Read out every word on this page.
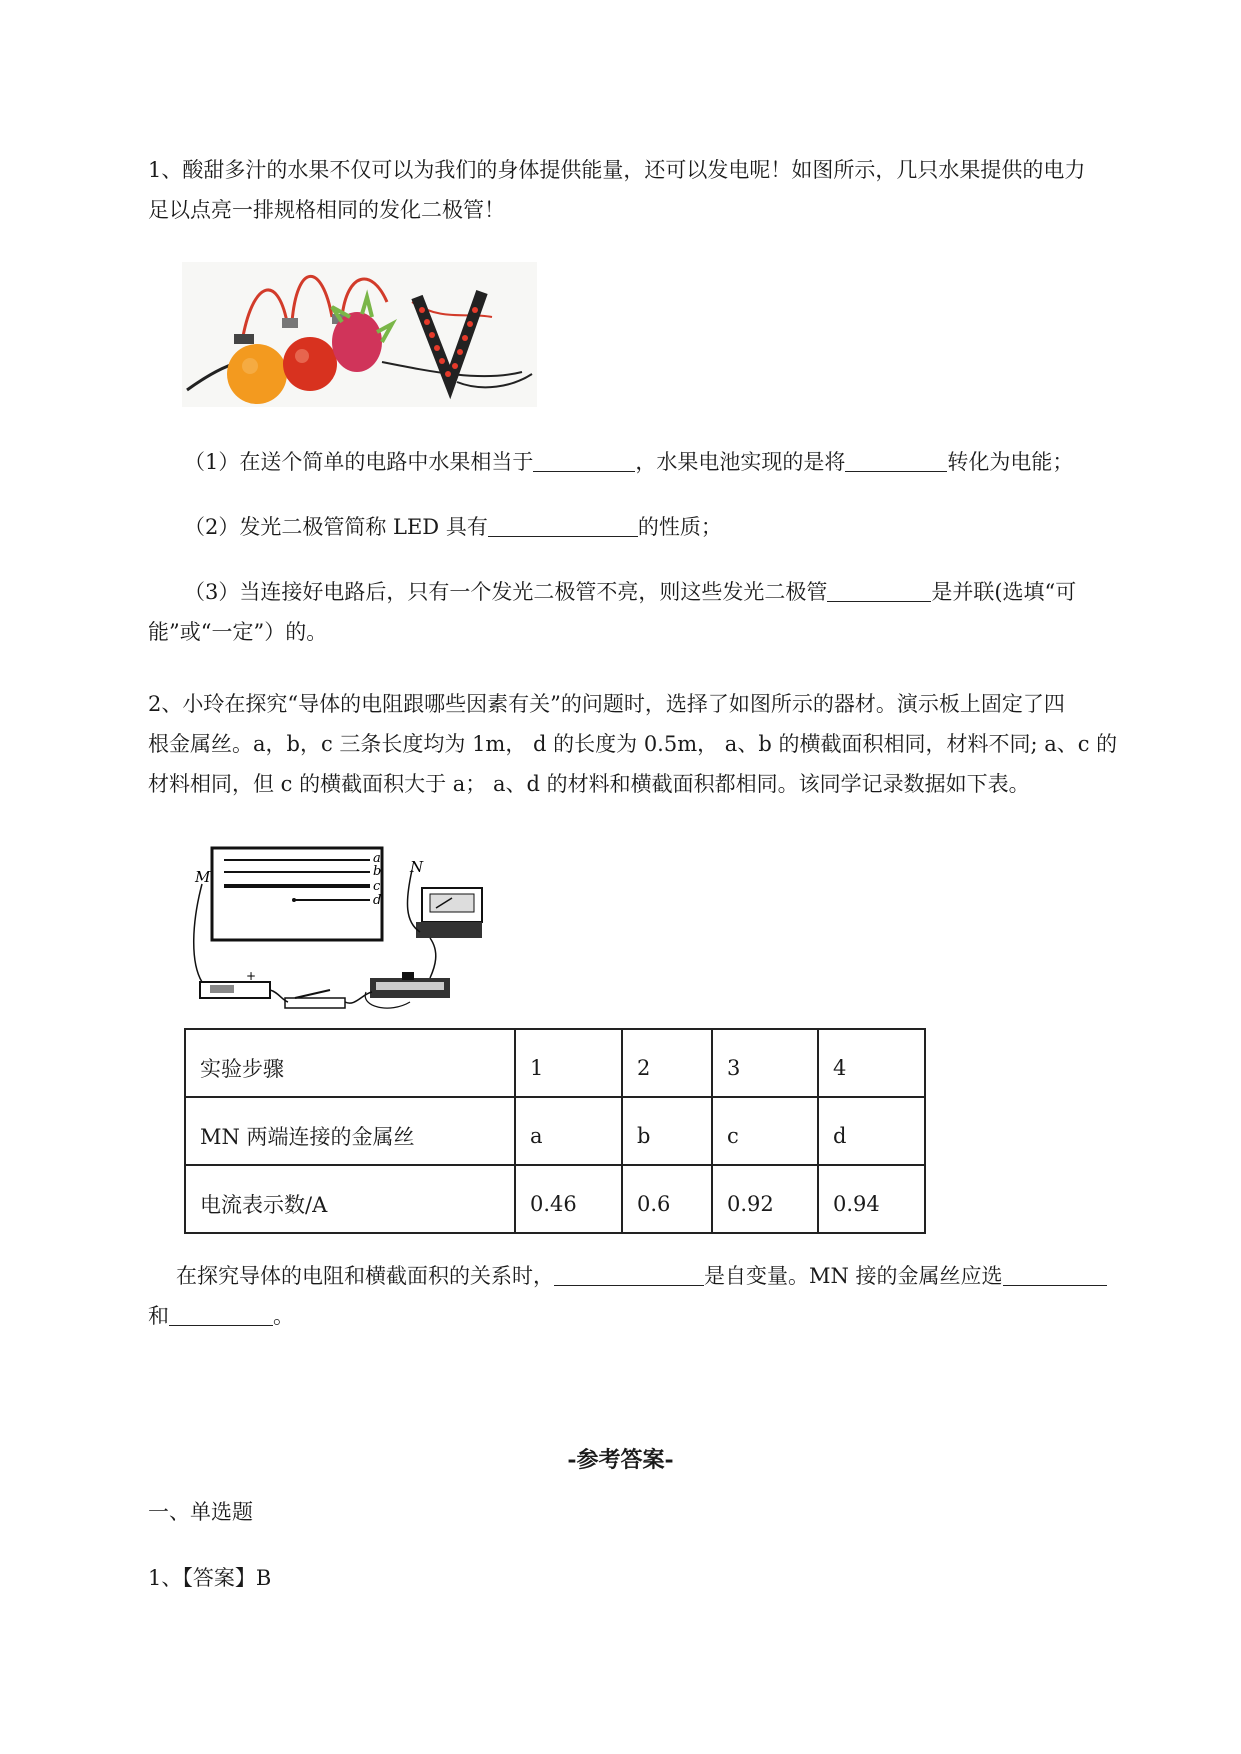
1、酸甜多汁的水果不仅可以为我们的身体提供能量，还可以发电呢！如图所示，几只水果提供的电力
足以点亮一排规格相同的发化二极管！

（1）在送个简单的电路中水果相当于	，水果电池实现的是将	转化为电能；

（2）发光二极管简称 LED 具有	的性质；

（3）当连接好电路后，只有一个发光二极管不亮，则这些发光二极管	是并联(选填“可

能”或“一定”）的。

2、小玲在探究“导体的电阻跟哪些因素有关”的问题时，选择了如图所示的器材。演示板上固定了四
根金属丝。a，b，c 三条长度均为 1m， d 的长度为 0.5m， a、b 的横截面积相同，材料不同; a、c 的
材料相同，但 c 的横截面积大于 a； a、d 的材料和横截面积都相同。该同学记录数据如下表。

a
b
c
d
M
N
+
实验步骤	1	2	3	4
MN 两端连接的金属丝	a	b	c	d
电流表示数/A	0.46	0.6	0.92	0.94

在探究导体的电阻和横截面积的关系时，	是自变量。MN 接的金属丝应选

和	。

-参考答案-

一、单选题

1、【答案】B
